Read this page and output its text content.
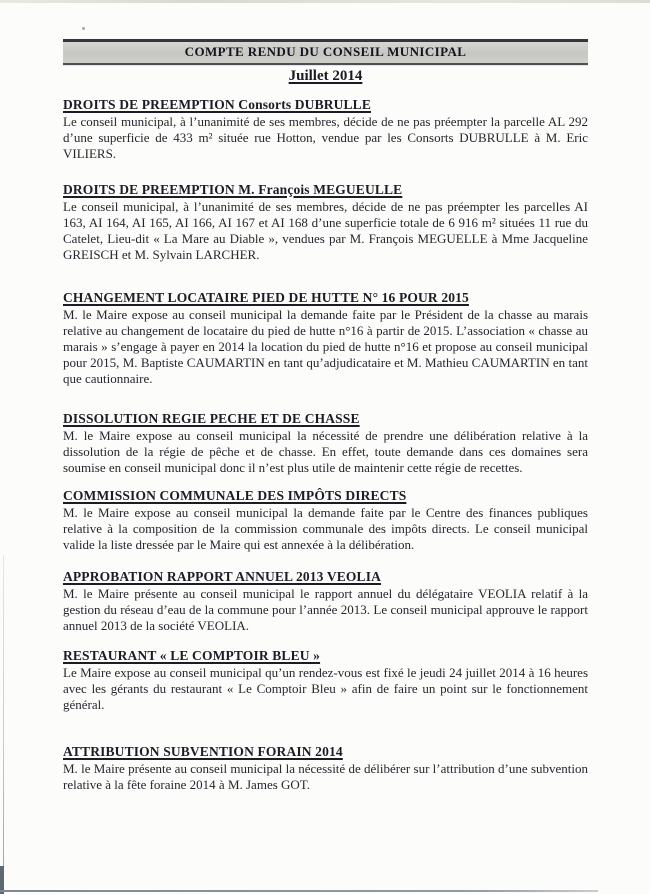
COMPTE RENDU DU CONSEIL MUNICIPAL
Juillet 2014
DROITS DE PREEMPTION Consorts DUBRULLE

Le conseil municipal, à l’unanimité de ses membres, décide de ne pas préempter la parcelle AL 292 d’une superficie de 433 m² située rue Hotton, vendue par les Consorts DUBRULLE à M. Eric VILIERS.

DROITS DE PREEMPTION M. François MEGUEULLE

Le conseil municipal, à l’unanimité de ses membres, décide de ne pas préempter les parcelles AI 163, AI 164, AI 165, AI 166, AI 167 et AI 168 d’une superficie totale de 6 916 m² situées 11 rue du Catelet, Lieu-dit « La Mare au Diable », vendues par M. François MEGUELLE à Mme Jacqueline GREISCH et M. Sylvain LARCHER.

CHANGEMENT LOCATAIRE PIED DE HUTTE N° 16 POUR 2015

M. le Maire expose au conseil municipal la demande faite par le Président de la chasse au marais relative au changement de locataire du pied de hutte n°16 à partir de 2015. L’association « chasse au marais » s’engage à payer en 2014 la location du pied de hutte n°16 et propose au conseil municipal pour 2015, M. Baptiste CAUMARTIN en tant qu’adjudicataire et M. Mathieu CAUMARTIN en tant que cautionnaire.

DISSOLUTION REGIE PECHE ET DE CHASSE

M. le Maire expose au conseil municipal la nécessité de prendre une délibération relative à la dissolution de la régie de pêche et de chasse. En effet, toute demande dans ces domaines sera soumise en conseil municipal donc il n’est plus utile de maintenir cette régie de recettes.

COMMISSION COMMUNALE DES IMPÔTS DIRECTS

M. le Maire expose au conseil municipal la demande faite par le Centre des finances publiques relative à la composition de la commission communale des impôts directs. Le conseil municipal valide la liste dressée par le Maire qui est annexée à la délibération.

APPROBATION RAPPORT ANNUEL 2013 VEOLIA

M. le Maire présente au conseil municipal le rapport annuel du délégataire VEOLIA relatif à la gestion du réseau d’eau de la commune pour l’année 2013. Le conseil municipal approuve le rapport annuel 2013 de la société VEOLIA.

RESTAURANT « LE COMPTOIR BLEU »

Le Maire expose au conseil municipal qu’un rendez-vous est fixé le jeudi 24 juillet 2014 à 16 heures avec les gérants du restaurant « Le Comptoir Bleu » afin de faire un point sur le fonctionnement général.

ATTRIBUTION SUBVENTION FORAIN 2014

M. le Maire présente au conseil municipal la nécessité de délibérer sur l’attribution d’une subvention relative à la fête foraine 2014 à M. James GOT.
